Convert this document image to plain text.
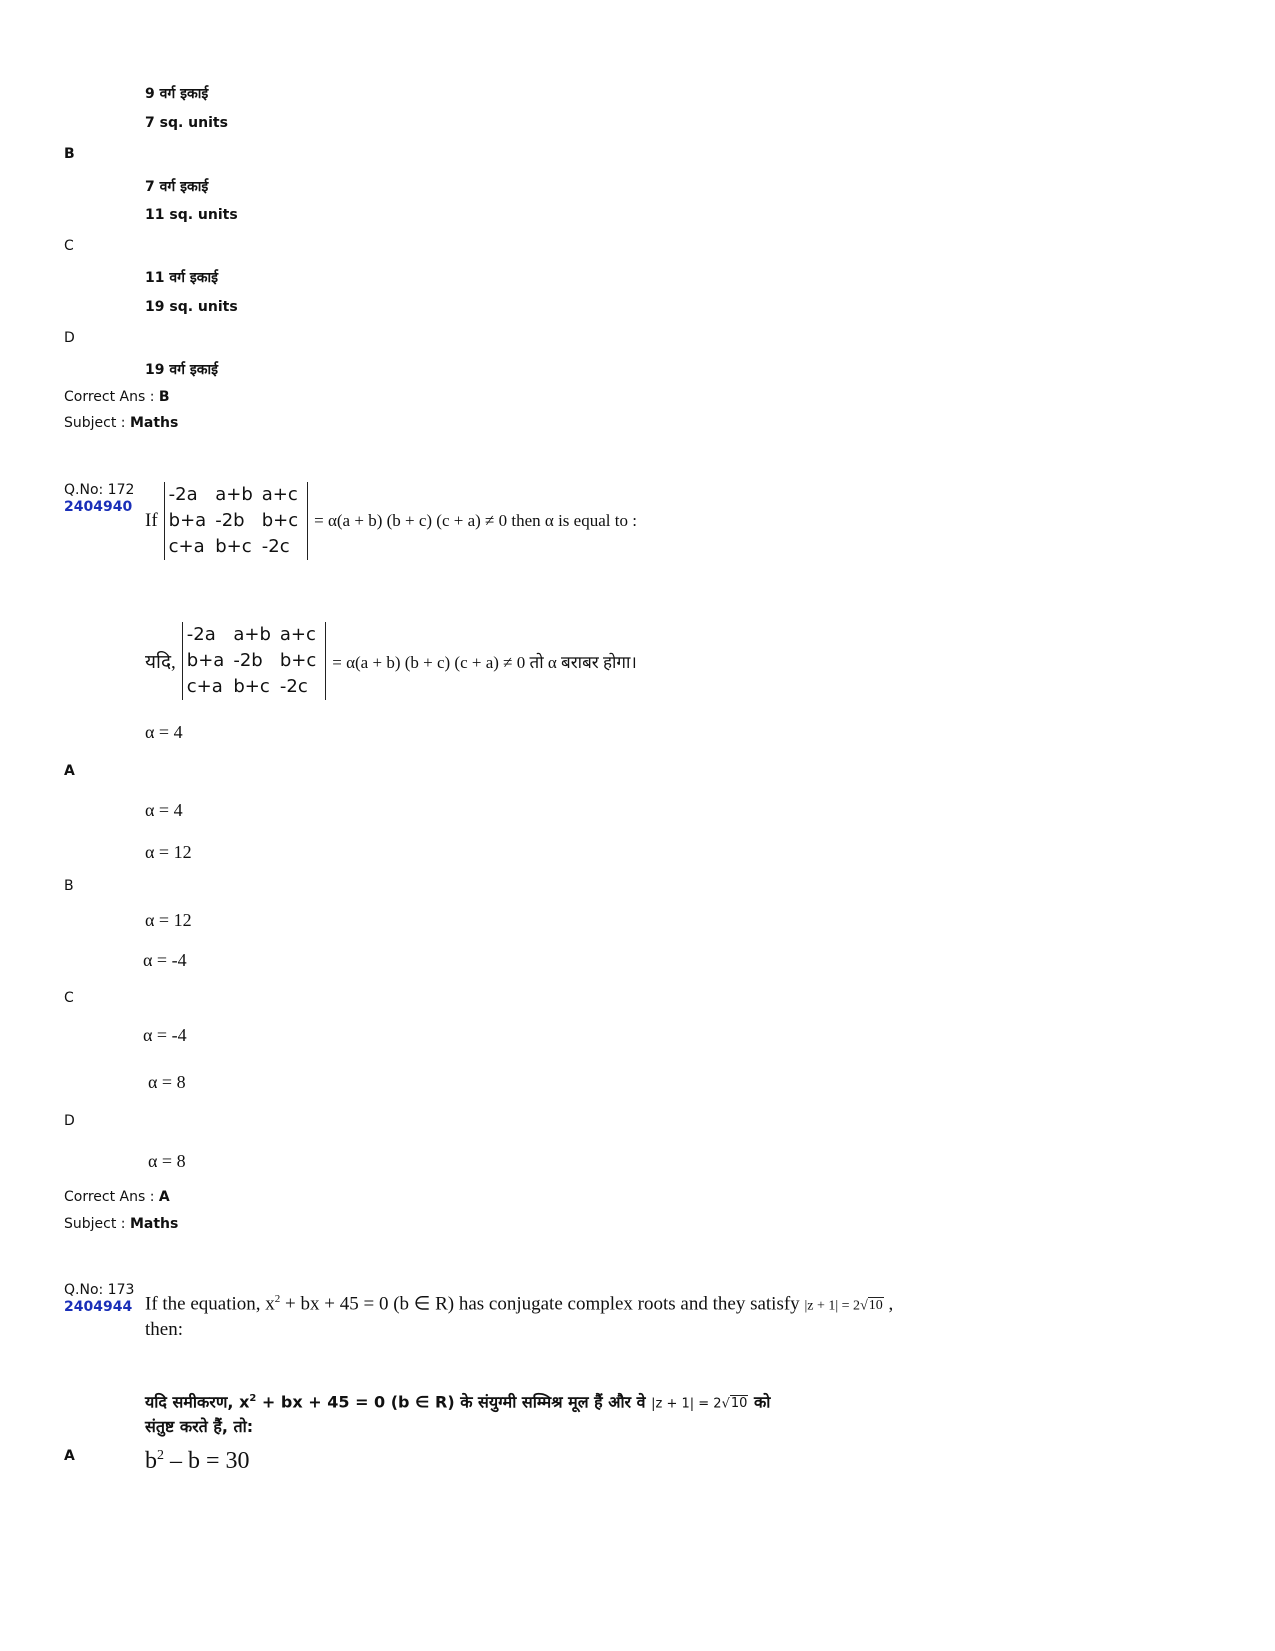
9 वर्ग इकाई
7 sq. units
B
7 वर्ग इकाई
11 sq. units
C
11 वर्ग इकाई
19 sq. units
D
19 वर्ग इकाई
Correct Ans : B
Subject : Maths
Q.No: 172
2404940
If
-2a	a+b	a+c
b+a	-2b	b+c
c+a	b+c	-2c
= α(a + b) (b + c) (c + a) ≠ 0 then α is equal to :
यदि,
-2a	a+b	a+c
b+a	-2b	b+c
c+a	b+c	-2c
= α(a + b) (b + c) (c + a) ≠ 0 तो α बराबर होगा।
α = 4
A
α = 4
α = 12
B
α = 12
α = -4
C
α = -4
α = 8
D
α = 8
Correct Ans : A
Subject : Maths
Q.No: 173
2404944 If the equation, $x^2$ + bx + 45 = 0 (b ∈ R) has conjugate complex roots and they satisfy |z + 1| = 2√10 ,
then:
यदि समीकरण, $x^2$ + bx + 45 = 0 (b ∈ R) के संयुग्मी सम्मिश्र मूल हैं और वे |z + 1| = 2√10 को
संतुष्ट करते हैं, तो:
A	$b^2 - b = 30$
